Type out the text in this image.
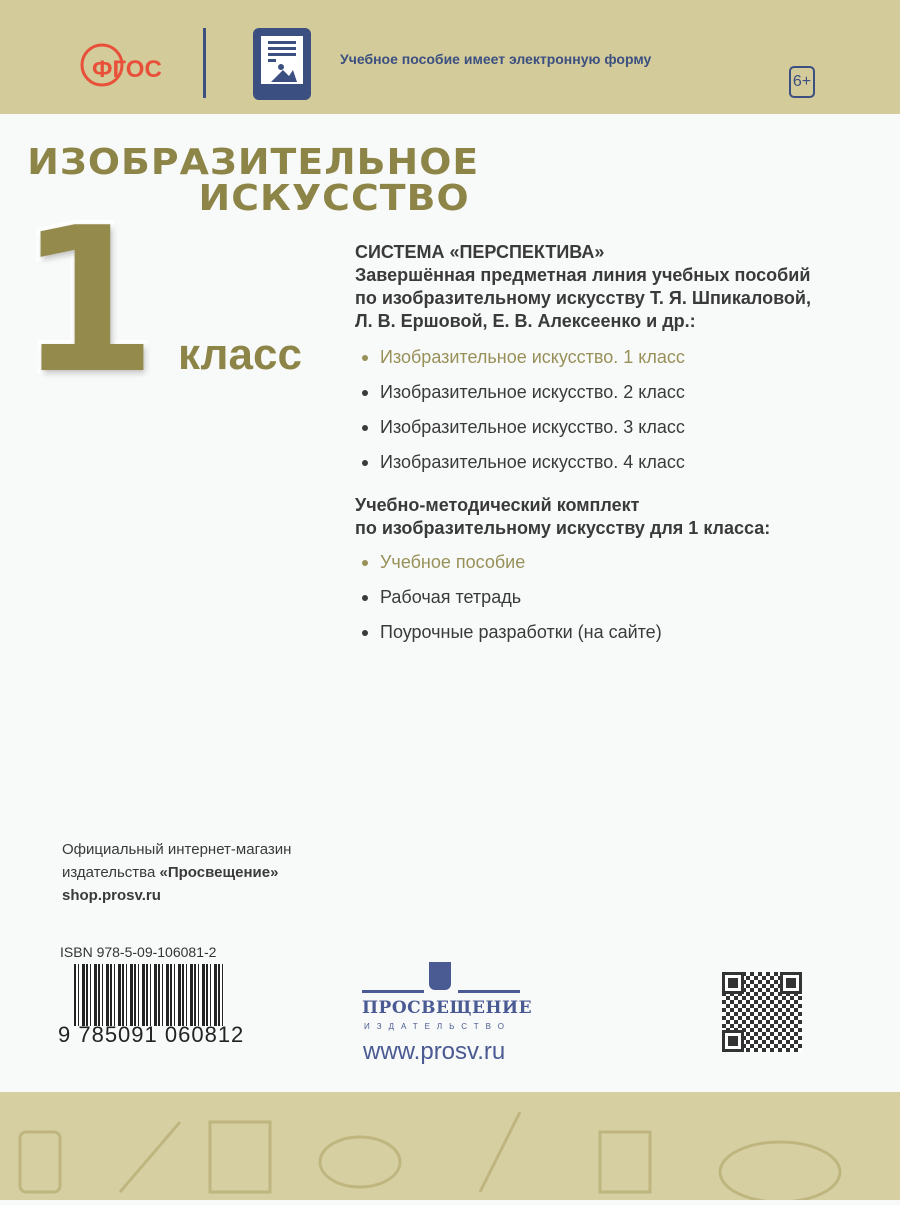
ФГОС	Учебное пособие имеет электронную форму
6+
ИЗОБРАЗИТЕЛЬНОЕ
ИСКУССТВО
1 класс
СИСТЕМА «ПЕРСПЕКТИВА»
Завершённая предметная линия учебных пособий
по изобразительному искусству Т. Я. Шпикаловой,
Л. В. Ершовой, Е. В. Алексеенко и др.:
Изобразительное искусство. 1 класс
Изобразительное искусство. 2 класс
Изобразительное искусство. 3 класс
Изобразительное искусство. 4 класс
Учебно-методический комплект
по изобразительному искусству для 1 класса:
Учебное пособие
Рабочая тетрадь
Поурочные разработки (на сайте)
Официальный интернет-магазин
издательства «Просвещение»
shop.prosv.ru
ISBN 978-5-09-106081-2
9 785091 060812
ПРОСВЕЩЕНИЕ
ИЗДАТЕЛЬСТВО
www.prosv.ru
